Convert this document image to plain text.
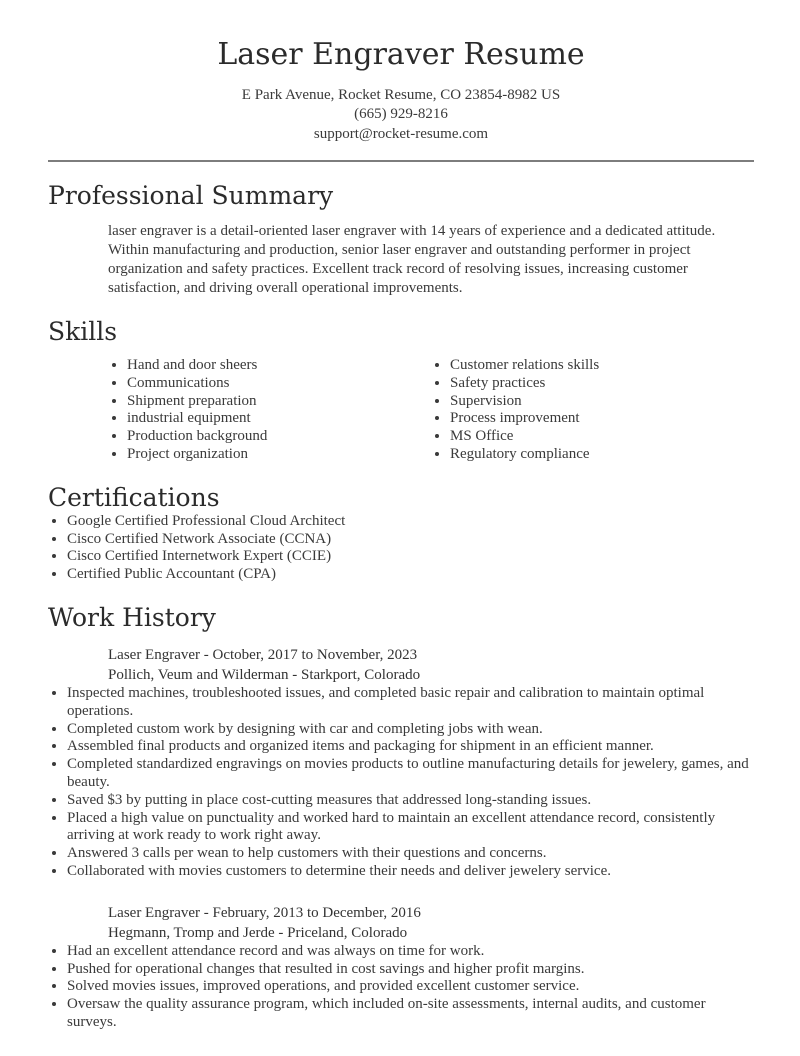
Laser Engraver Resume
E Park Avenue, Rocket Resume, CO 23854-8982 US
(665) 929-8216
support@rocket-resume.com
Professional Summary

laser engraver is a detail-oriented laser engraver with 14 years of experience and a dedicated attitude. Within manufacturing and production, senior laser engraver and outstanding performer in project organization and safety practices. Excellent track record of resolving issues, increasing customer satisfaction, and driving overall operational improvements.

Skills
• Hand and door sheers
• Communications
• Shipment preparation
• industrial equipment
• Production background
• Project organization
• Customer relations skills
• Safety practices
• Supervision
• Process improvement
• MS Office
• Regulatory compliance
Certifications
• Google Certified Professional Cloud Architect
• Cisco Certified Network Associate (CCNA)
• Cisco Certified Internetwork Expert (CCIE)
• Certified Public Accountant (CPA)
Work History
Laser Engraver - October, 2017 to November, 2023
Pollich, Veum and Wilderman - Starkport, Colorado
• Inspected machines, troubleshooted issues, and completed basic repair and calibration to maintain optimal operations.
• Completed custom work by designing with car and completing jobs with wean.
• Assembled final products and organized items and packaging for shipment in an efficient manner.
• Completed standardized engravings on movies products to outline manufacturing details for jewelery, games, and beauty.
• Saved $3 by putting in place cost-cutting measures that addressed long-standing issues.
• Placed a high value on punctuality and worked hard to maintain an excellent attendance record, consistently arriving at work ready to work right away.
• Answered 3 calls per wean to help customers with their questions and concerns.
• Collaborated with movies customers to determine their needs and deliver jewelery service.
Laser Engraver - February, 2013 to December, 2016
Hegmann, Tromp and Jerde - Priceland, Colorado
• Had an excellent attendance record and was always on time for work.
• Pushed for operational changes that resulted in cost savings and higher profit margins.
• Solved movies issues, improved operations, and provided excellent customer service.
• Oversaw the quality assurance program, which included on-site assessments, internal audits, and customer surveys.
